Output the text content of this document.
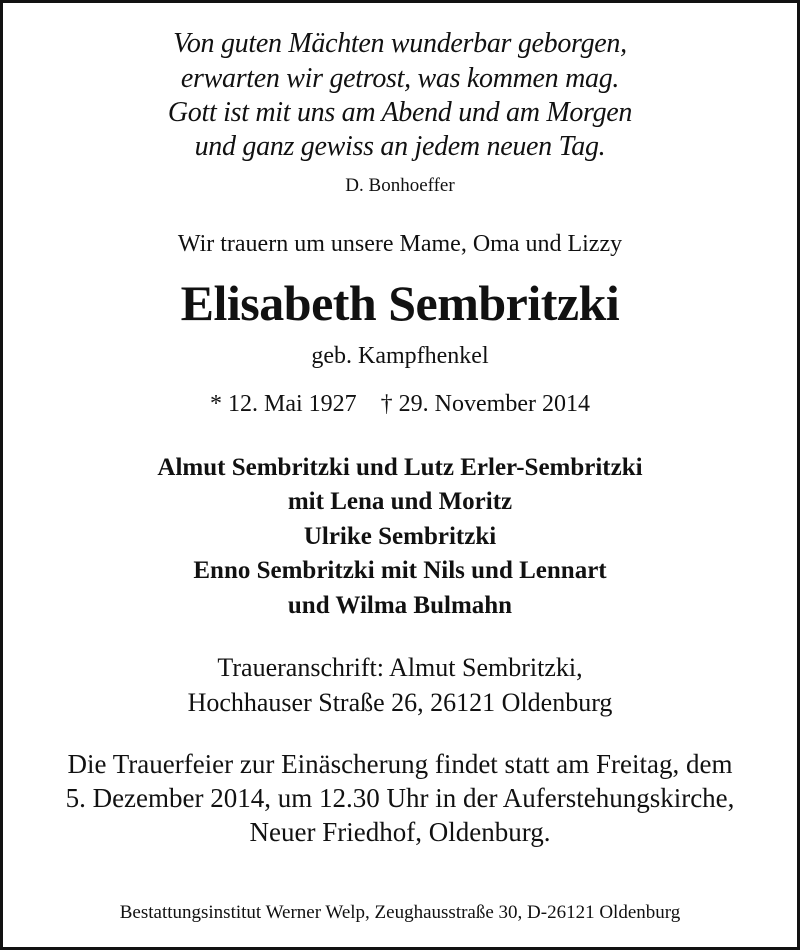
Von guten Mächten wunderbar geborgen,
erwarten wir getrost, was kommen mag.
Gott ist mit uns am Abend und am Morgen
und ganz gewiss an jedem neuen Tag.
D. Bonhoeffer
Wir trauern um unsere Mame, Oma und Lizzy
Elisabeth Sembritzki
geb. Kampfhenkel
* 12. Mai 1927    † 29. November 2014
Almut Sembritzki und Lutz Erler-Sembritzki
mit Lena und Moritz
Ulrike Sembritzki
Enno Sembritzki mit Nils und Lennart
und Wilma Bulmahn
Traueranschrift: Almut Sembritzki,
Hochhauser Straße 26, 26121 Oldenburg
Die Trauerfeier zur Einäscherung findet statt am Freitag, dem
5. Dezember 2014, um 12.30 Uhr in der Auferstehungskirche,
Neuer Friedhof, Oldenburg.
Bestattungsinstitut Werner Welp, Zeughausstraße 30, D-26121 Oldenburg
